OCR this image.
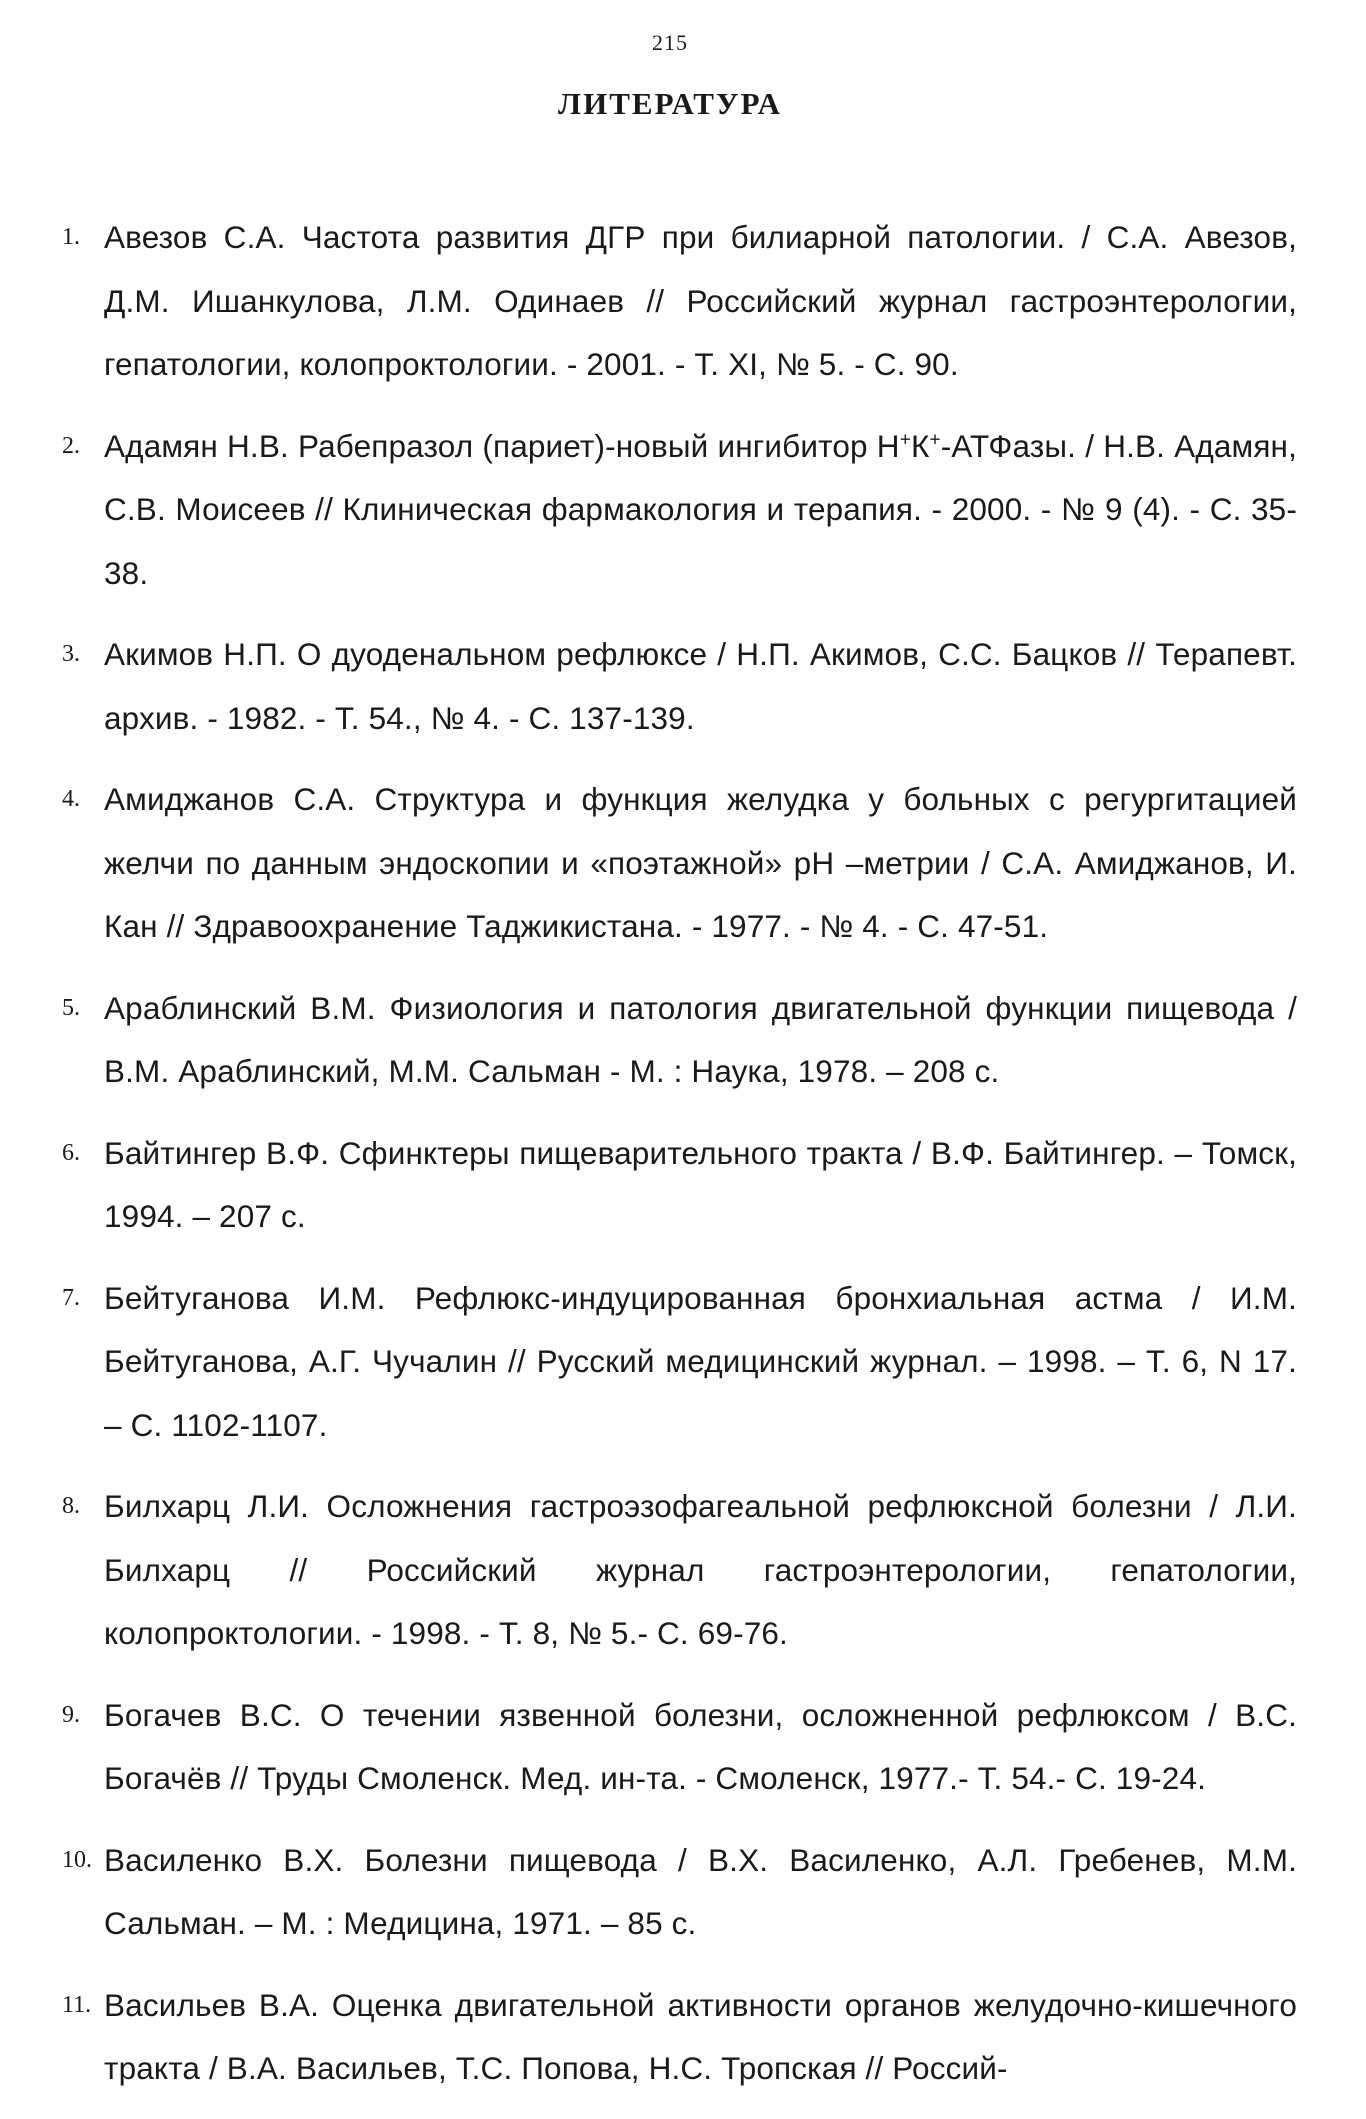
215
ЛИТЕРАТУРА
1. Авезов С.А. Частота развития ДГР при билиарной патологии. / С.А. Авезов, Д.М. Ишанкулова, Л.М. Одинаев // Российский журнал гастроэнтерологии, гепатологии, колопроктологии. - 2001. - Т. XI, № 5. - С. 90.
2. Адамян Н.В. Рабепразол (париет)-новый ингибитор Н+К+-АТФазы. / Н.В. Адамян, С.В. Моисеев // Клиническая фармакология и терапия. - 2000. - № 9 (4). - С. 35-38.
3. Акимов Н.П. О дуоденальном рефлюксе / Н.П. Акимов, С.С. Бацков // Терапевт. архив. - 1982. - Т. 54., № 4. - С. 137-139.
4. Амиджанов С.А. Структура и функция желудка у больных с регургитацией желчи по данным эндоскопии и «поэтажной» рН –метрии / С.А. Амиджанов, И. Кан // Здравоохранение Таджикистана. - 1977. - № 4. - С. 47-51.
5. Араблинский В.М. Физиология и патология двигательной функции пищевода / В.М. Араблинский, М.М. Сальман - М. : Наука, 1978. – 208 с.
6. Байтингер В.Ф. Сфинктеры пищеварительного тракта / В.Ф. Байтингер. – Томск, 1994. – 207 с.
7. Бейтуганова И.М. Рефлюкс-индуцированная бронхиальная астма / И.М. Бейтуганова, А.Г. Чучалин // Русский медицинский журнал. – 1998. – Т. 6, N 17. – С. 1102-1107.
8. Билхарц Л.И. Осложнения гастроэзофагеальной рефлюксной болезни / Л.И. Билхарц // Российский журнал гастроэнтерологии, гепатологии, колопроктологии. - 1998. - Т. 8, № 5.- С. 69-76.
9. Богачев В.С. О течении язвенной болезни, осложненной рефлюксом / В.С. Богачёв // Труды Смоленск. Мед. ин-та. - Смоленск, 1977.- Т. 54.- С. 19-24.
10. Василенко В.Х. Болезни пищевода / В.Х. Василенко, А.Л. Гребенев, М.М. Сальман. – М. : Медицина, 1971. – 85 с.
11. Васильев В.А. Оценка двигательной активности органов желудочно-кишечного тракта / В.А. Васильев, Т.С. Попова, Н.С. Тропская // Россий-
